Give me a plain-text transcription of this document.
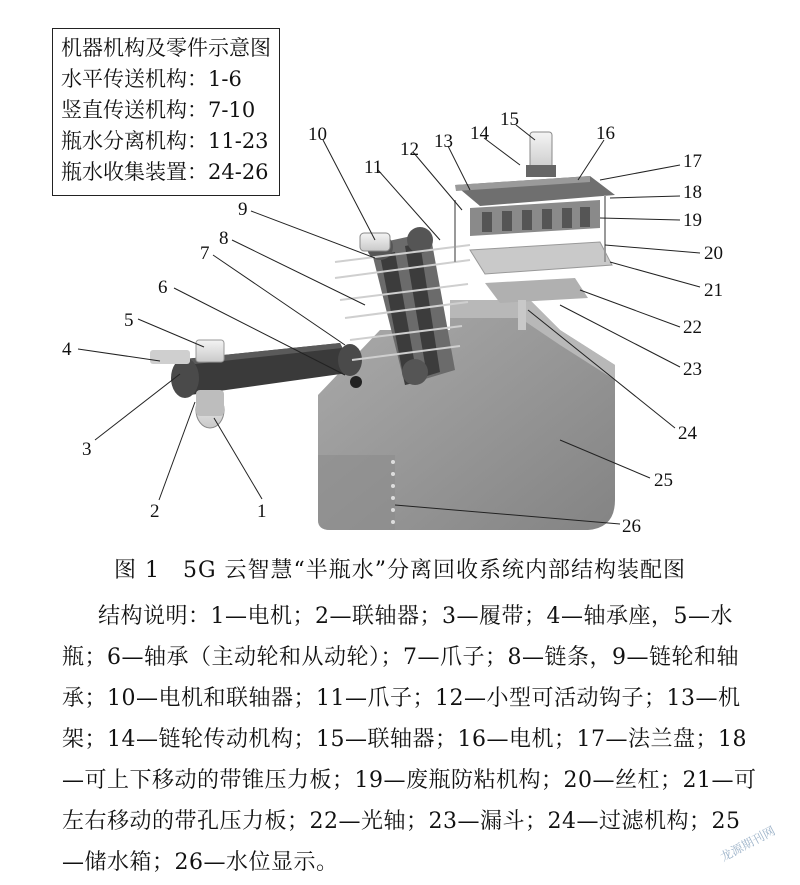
机器机构及零件示意图
水平传送机构：1-6
竖直传送机构：7-10
瓶水分离机构：11-23
瓶水收集装置：24-26
1
2
3
4
5
6
7
8
9
10
11
12 13 14
15
16
17
18
19
20
21
22
23
24
25
26
图 1　5G 云智慧“半瓶水”分离回收系统内部结构装配图
结构说明：1—电机；2—联轴器；3—履带；4—轴承座，5—水瓶；6—轴承（主动轮和从动轮）；7—爪子；8—链条，9—链轮和轴承；10—电机和联轴器；11—爪子；12—小型可活动钩子；13—机架；14—链轮传动机构；15—联轴器；16—电机；17—法兰盘；18—可上下移动的带锥压力板；19—废瓶防粘机构；20—丝杠；21—可左右移动的带孔压力板；22—光轴；23—漏斗；24—过滤机构；25—储水箱；26—水位显示。	龙源期刊网
